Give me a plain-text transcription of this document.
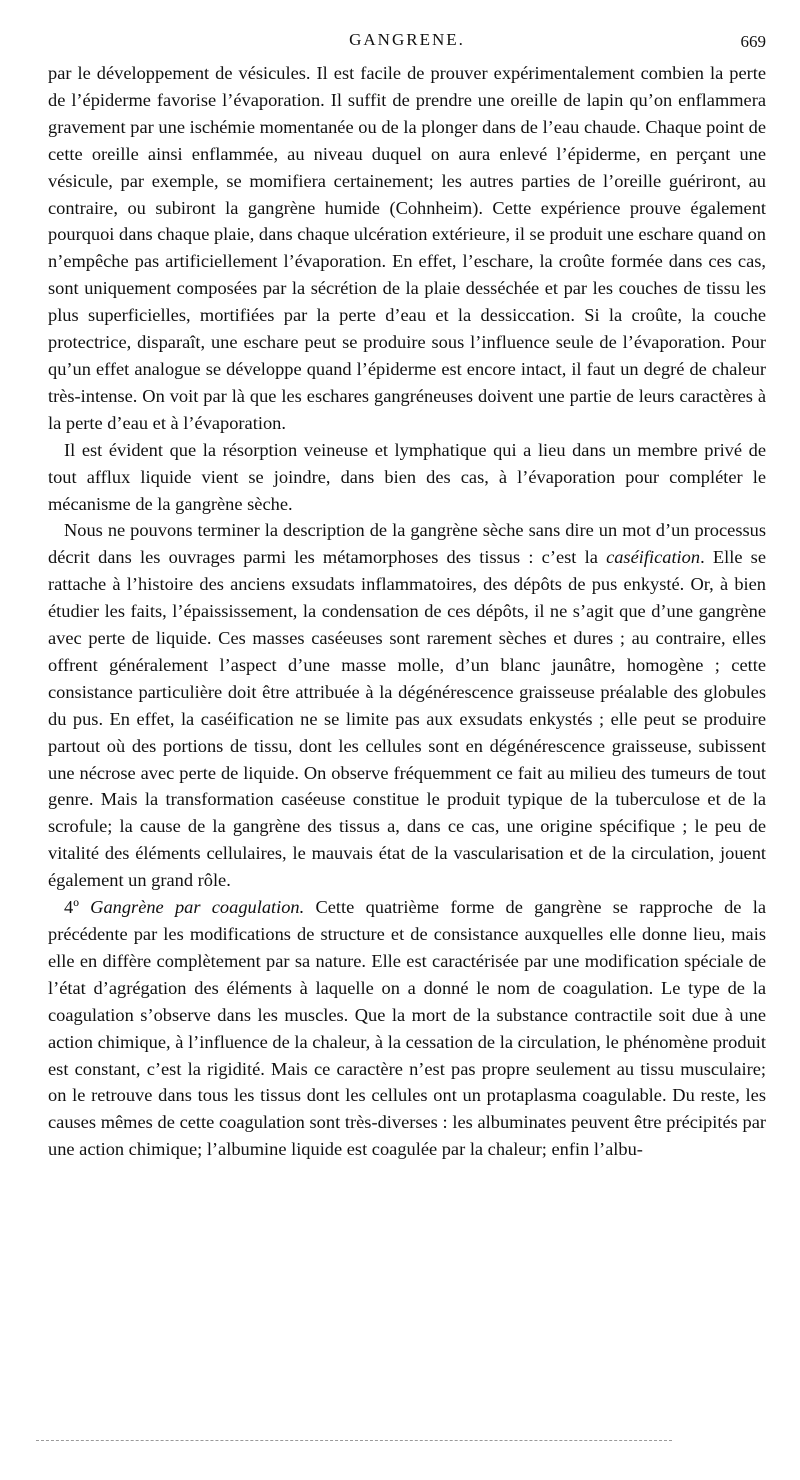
GANGRENE.	669

par le développement de vésicules. Il est facile de prouver expérimentalement combien la perte de l’épiderme favorise l’évaporation. Il suffit de prendre une oreille de lapin qu’on enflammera gravement par une ischémie momentanée ou de la plonger dans de l’eau chaude. Chaque point de cette oreille ainsi enflammée, au niveau duquel on aura enlevé l’épiderme, en perçant une vésicule, par exemple, se momifiera certainement; les autres parties de l’oreille guériront, au contraire, ou subiront la gangrène humide (Cohnheim). Cette expérience prouve également pourquoi dans chaque plaie, dans chaque ulcération extérieure, il se produit une eschare quand on n’empêche pas artificiellement l’évaporation. En effet, l’eschare, la croûte formée dans ces cas, sont uniquement composées par la sécrétion de la plaie desséchée et par les couches de tissu les plus superficielles, mortifiées par la perte d’eau et la dessiccation. Si la croûte, la couche protectrice, disparaît, une eschare peut se produire sous l’influence seule de l’évaporation. Pour qu’un effet analogue se développe quand l’épiderme est encore intact, il faut un degré de chaleur très-intense. On voit par là que les eschares gangréneuses doivent une partie de leurs caractères à la perte d’eau et à l’évaporation.

Il est évident que la résorption veineuse et lymphatique qui a lieu dans un membre privé de tout afflux liquide vient se joindre, dans bien des cas, à l’évaporation pour compléter le mécanisme de la gangrène sèche.

Nous ne pouvons terminer la description de la gangrène sèche sans dire un mot d’un processus décrit dans les ouvrages parmi les métamorphoses des tissus : c’est la caséification. Elle se rattache à l’histoire des anciens exsudats inflammatoires, des dépôts de pus enkysté. Or, à bien étudier les faits, l’épaississement, la condensation de ces dépôts, il ne s’agit que d’une gangrène avec perte de liquide. Ces masses caséeuses sont rarement sèches et dures ; au contraire, elles offrent généralement l’aspect d’une masse molle, d’un blanc jaunâtre, homogène ; cette consistance particulière doit être attribuée à la dégénérescence graisseuse préalable des globules du pus. En effet, la caséification ne se limite pas aux exsudats enkystés ; elle peut se produire partout où des portions de tissu, dont les cellules sont en dégénérescence graisseuse, subissent une nécrose avec perte de liquide. On observe fréquemment ce fait au milieu des tumeurs de tout genre. Mais la transformation caséeuse constitue le produit typique de la tuberculose et de la scrofule; la cause de la gangrène des tissus a, dans ce cas, une origine spécifique ; le peu de vitalité des éléments cellulaires, le mauvais état de la vascularisation et de la circulation, jouent également un grand rôle.

4º Gangrène par coagulation. Cette quatrième forme de gangrène se rapproche de la précédente par les modifications de structure et de consistance auxquelles elle donne lieu, mais elle en diffère complètement par sa nature. Elle est caractérisée par une modification spéciale de l’état d’agrégation des éléments à laquelle on a donné le nom de coagulation. Le type de la coagulation s’observe dans les muscles. Que la mort de la substance contractile soit due à une action chimique, à l’influence de la chaleur, à la cessation de la circulation, le phénomène produit est constant, c’est la rigidité. Mais ce caractère n’est pas propre seulement au tissu musculaire; on le retrouve dans tous les tissus dont les cellules ont un protaplasma coagulable. Du reste, les causes mêmes de cette coagulation sont très-diverses : les albuminates peuvent être précipités par une action chimique; l’albumine liquide est coagulée par la chaleur; enfin l’albu-
